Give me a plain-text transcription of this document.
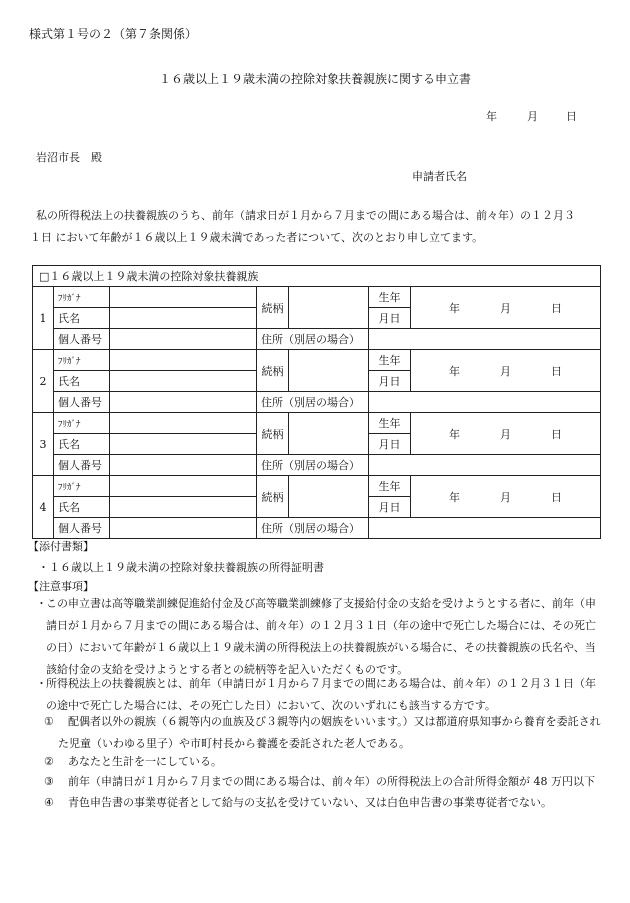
様式第１号の２（第７条関係）
１６歳以上１９歳未満の控除対象扶養親族に関する申立書
年	月	日
岩沼市長　殿
申請者氏名
私の所得税法上の扶養親族のうち、前年（請求日が１月から７月までの間にある場合は、前々年）の１２月３
１日 において年齢が１６歳以上１９歳未満であった者について、次のとおり申し立てます。
□１６歳以上１９歳未満の控除対象扶養親族						
1	ﾌﾘｶﾞﾅ		続柄		生年	年 月 日

	氏名				月日	
	個人番号		住所（別居の場合）			
2	ﾌﾘｶﾞﾅ		続柄		生年	年 月 日

	氏名				月日	
	個人番号		住所（別居の場合）			
3	ﾌﾘｶﾞﾅ		続柄		生年	年 月 日

	氏名				月日	
	個人番号		住所（別居の場合）			
4	ﾌﾘｶﾞﾅ		続柄		生年	年 月 日

	氏名				月日	
	個人番号		住所（別居の場合）			
【添付書類】
・１６歳以上１９歳未満の控除対象扶養親族の所得証明書
【注意事項】
・ この申立書は高等職業訓練促進給付金及び高等職業訓練修了支援給付金の支給を受けようとする者に、前年（申
請日が１月から７月までの間にある場合は、前々年）の１２月３１日（年の途中で死亡した場合には、その死亡
の日）において年齢が１６歳以上１９歳未満の所得税法上の扶養親族がいる場合に、その扶養親族の氏名や、当
該給付金の支給を受けようとする者との続柄等を記入いただくものです。
・ 所得税法上の扶養親族とは、前年（申請日が１月から７月までの間にある場合は、前々年）の１２月３１日（年
の途中で死亡した場合には、その死亡した日）において、次のいずれにも該当する方です。
① 配偶者以外の親族（６親等内の血族及び３親等内の姻族をいいます。）又は都道府県知事から養育を委託され
た児童（いわゆる里子）や市町村長から養護を委託された老人である。
② あなたと生計を一にしている。
③ 前年（申請日が１月から７月までの間にある場合は、前々年）の所得税法上の合計所得金額が 48 万円以下
④ 青色申告書の事業専従者として給与の支払を受けていない、又は白色申告書の事業専従者でない。
